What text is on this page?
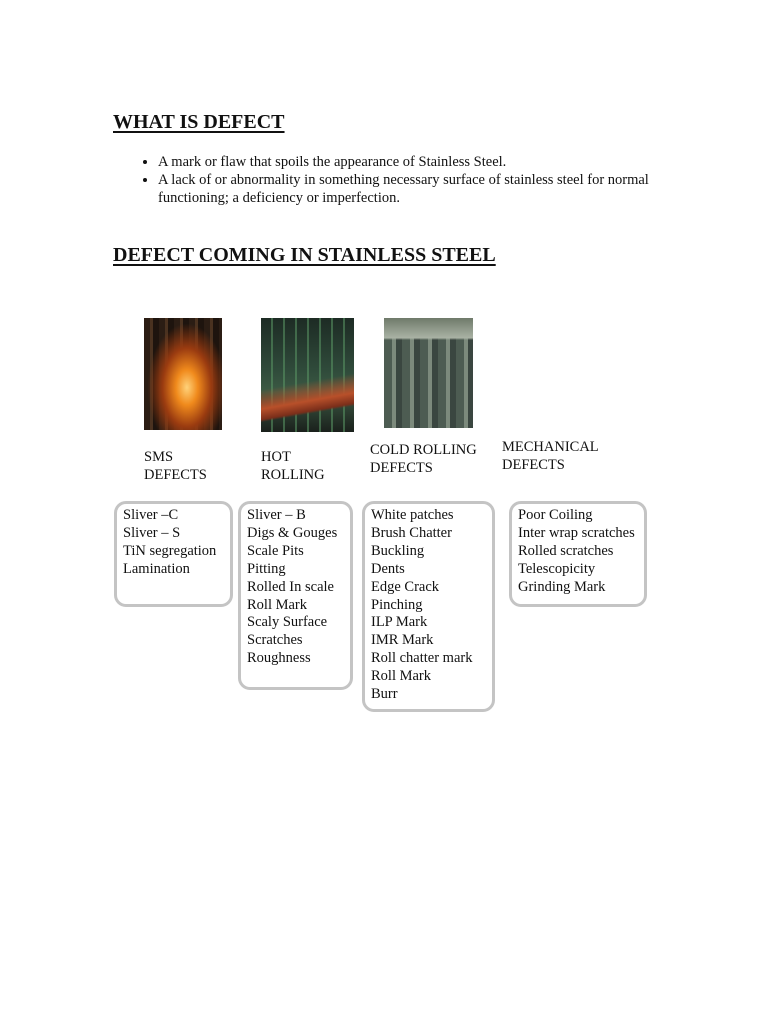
WHAT IS DEFECT
• A mark or flaw that spoils the appearance of Stainless Steel.
• A lack of or abnormality in something necessary surface of stainless steel for normal functioning; a deficiency or imperfection.
DEFECT COMING IN STAINLESS STEEL

SMS
DEFECTS

HOT
ROLLING

COLD ROLLING
DEFECTS

MECHANICAL
DEFECTS

Sliver –C
Sliver – S
TiN segregation
Lamination
Sliver – B
Digs & Gouges
Scale Pits
Pitting
Rolled In scale
Roll Mark
Scaly Surface
Scratches
Roughness
White patches
Brush Chatter
Buckling
Dents
Edge Crack
Pinching
ILP Mark
IMR Mark
Roll chatter mark
Roll Mark
Burr
Poor Coiling
Inter wrap scratches
Rolled scratches
Telescopicity
Grinding Mark
